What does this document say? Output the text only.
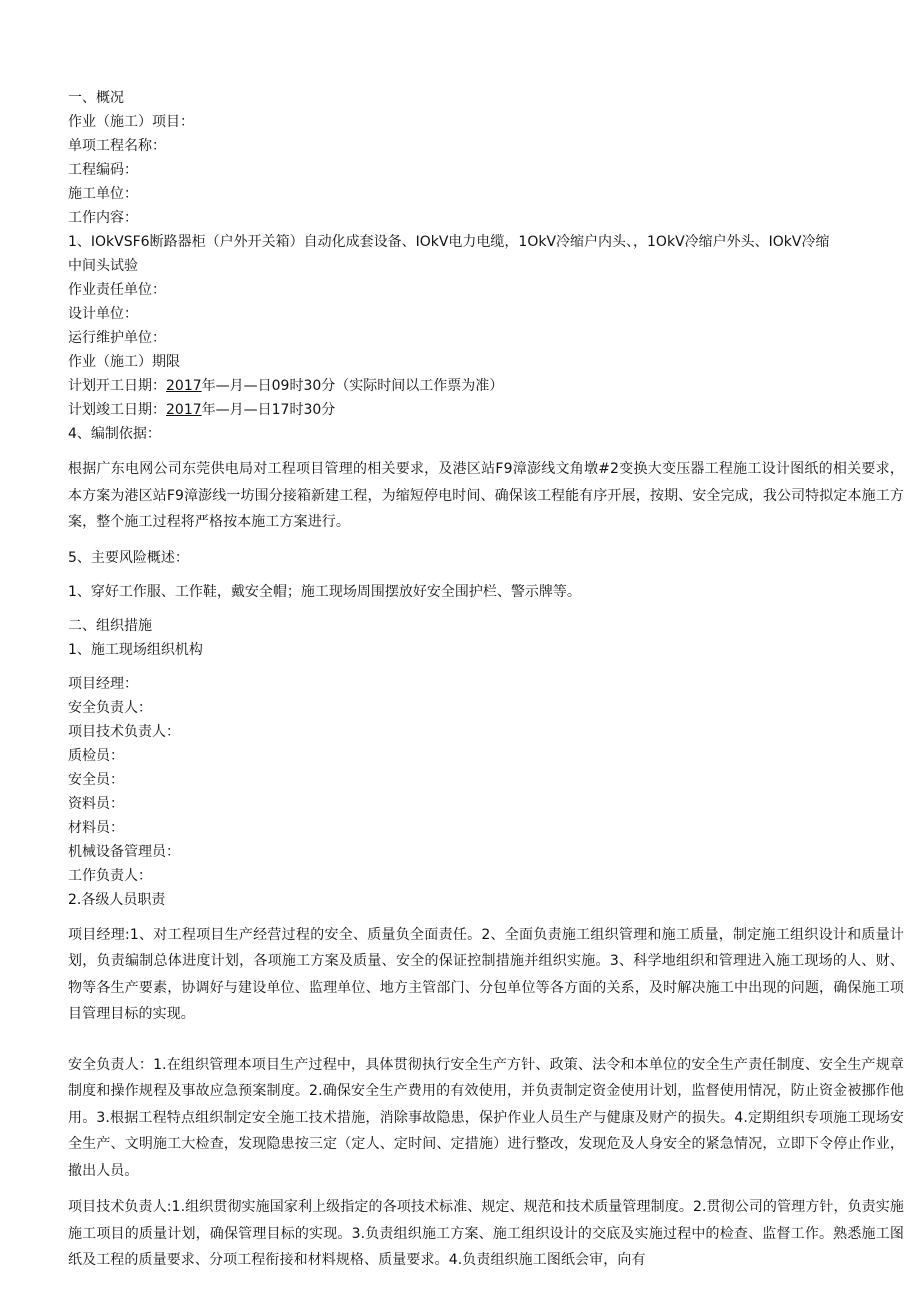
一、概况
作业（施工）项目：
单项工程名称：
工程编码：
施工单位：
工作内容：
1、IOkVSF6断路器柜（户外开关箱）自动化成套设备、IOkV电力电缆，1OkV冷缩户内头、，1OkV冷缩户外头、IOkV冷缩
中间头试验
作业责任单位：
设计单位：
运行维护单位：
作业（施工）期限
计划开工日期：2017年—月—日09时30分（实际时间以工作票为准）
计划竣工日期：2017年—月—日17时30分
4、编制依据：
根据广东电网公司东莞供电局对工程项目管理的相关要求，及港区站F9漳澎线文角墩#2变换大变压器工程施工设计图纸的相关要求，本方案为港区站F9漳澎线一坊围分接箱新建工程，为缩短停电时间、确保该工程能有序开展，按期、安全完成，我公司特拟定本施工方案，整个施工过程将严格按本施工方案进行。
5、主要风险概述：
1、穿好工作服、工作鞋，戴安全帽；施工现场周围摆放好安全围护栏、警示牌等。
二、组织措施
1、施工现场组织机构
项目经理：
安全负责人：
项目技术负责人：
质检员：
安全员：
资料员：
材料员：
机械设备管理员：
工作负责人：
2.各级人员职责
项目经理:1、对工程项目生产经营过程的安全、质量负全面责任。2、全面负责施工组织管理和施工质量，制定施工组织设计和质量计划，负责编制总体进度计划，各项施工方案及质量、安全的保证控制措施并组织实施。3、科学地组织和管理进入施工现场的人、财、物等各生产要素，协调好与建设单位、监理单位、地方主管部门、分包单位等各方面的关系，及时解决施工中出现的问题，确保施工项目管理目标的实现。
安全负责人：1.在组织管理本项目生产过程中，具体贯彻执行安全生产方针、政策、法令和本单位的安全生产责任制度、安全生产规章制度和操作规程及事故应急预案制度。2.确保安全生产费用的有效使用，并负责制定资金使用计划，监督使用情况，防止资金被挪作他用。3.根据工程特点组织制定安全施工技术措施，消除事故隐患，保护作业人员生产与健康及财产的损失。4.定期组织专项施工现场安全生产、文明施工大检查，发现隐患按三定（定人、定时间、定措施）进行整改，发现危及人身安全的紧急情况，立即下令停止作业，撤出人员。
项目技术负责人:1.组织贯彻实施国家利上级指定的各项技术标准、规定、规范和技术质量管理制度。2.贯彻公司的管理方针，负责实施施工项目的质量计划，确保管理目标的实现。3.负责组织施工方案、施工组织设计的交底及实施过程中的检查、监督工作。熟悉施工图纸及工程的质量要求、分项工程衔接和材料规格、质量要求。4.负责组织施工图纸会审，向有
